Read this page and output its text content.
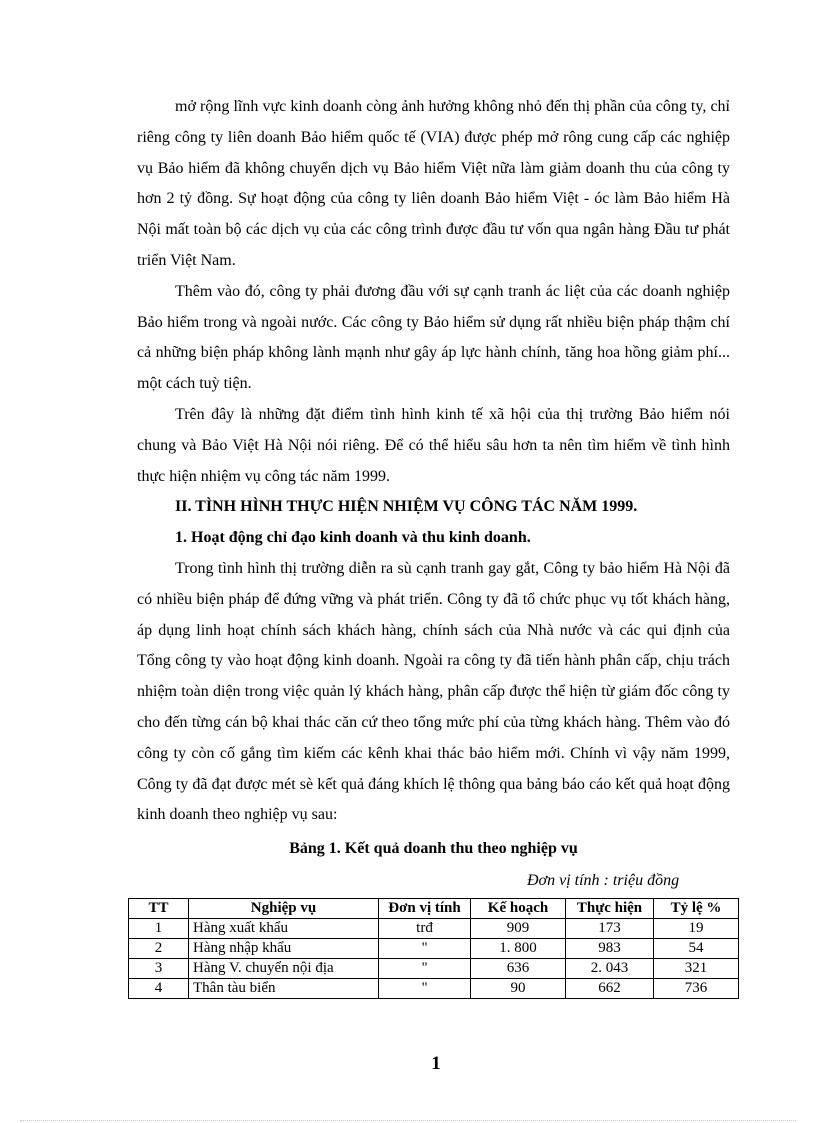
mở rộng lĩnh vực kinh doanh còng ảnh hưởng không nhỏ đến thị phần của công ty, chỉ riêng công ty liên doanh Bảo hiểm quốc tế (VIA) được phép mở rông cung cấp các nghiệp vụ Bảo hiểm đã không chuyển dịch vụ Bảo hiểm Việt nữa làm giảm doanh thu của công ty hơn 2 tỷ đồng. Sự hoạt động của công ty liên doanh Bảo hiểm Việt - óc làm Bảo hiểm Hà Nội mất toàn bộ các dịch vụ của các công trình được đầu tư vốn qua ngân hàng Đầu tư phát triển Việt Nam.

Thêm vào đó, công ty phải đương đầu với sự cạnh tranh ác liệt của các doanh nghiệp Bảo hiểm trong và ngoài nước. Các công ty Bảo hiểm sử dụng rất nhiều biện pháp thậm chí cả những biện pháp không lành mạnh như gây áp lực hành chính, tăng hoa hồng giảm phí... một cách tuỳ tiện.

Trên đây là những đặt điểm tình hình kinh tế xã hội của thị trường Bảo hiểm nói chung và Bảo Việt Hà Nội nói riêng. Để có thể hiểu sâu hơn ta nên tìm hiểm về tình hình thực hiện nhiệm vụ công tác năm 1999.

II. TÌNH HÌNH THỰC HIỆN NHIỆM VỤ CÔNG TÁC NĂM 1999.

1. Hoạt động chỉ đạo kinh doanh và thu kinh doanh.

Trong tình hình thị trường diễn ra sù cạnh tranh gay gắt, Công ty bảo hiểm Hà Nội đã có nhiều biện pháp để đứng vững và phát triển. Công ty đã tổ chức phục vụ tốt khách hàng, áp dụng linh hoạt chính sách khách hàng, chính sách của Nhà nước và các qui định của Tổng công ty vào hoạt động kinh doanh. Ngoài ra công ty đã tiến hành phân cấp, chịu trách nhiệm toàn diện trong việc quản lý khách hàng, phân cấp được thể hiện từ giám đốc công ty cho đến từng cán bộ khai thác căn cứ theo tổng mức phí của từng khách hàng. Thêm vào đó công ty còn cố gắng tìm kiếm các kênh khai thác bảo hiểm mới. Chính vì vậy năm 1999, Công ty đã đạt được mét sè kết quả đáng khích lệ thông qua bảng báo cáo kết quả hoạt động kinh doanh theo nghiệp vụ sau:

Bảng 1. Kết quả doanh thu theo nghiệp vụ
Đơn vị tính : triệu đồng
TT	Nghiệp vụ	Đơn vị tính	Kế hoạch	Thực hiện	Tỷ lệ %
1	Hàng xuất khẩu	trđ	909	173	19
2	Hàng nhập khẩu	"	1. 800	983	54
3	Hàng V. chuyển nội địa	"	636	2. 043	321
4	Thân tàu biển	"	90	662	736
1
